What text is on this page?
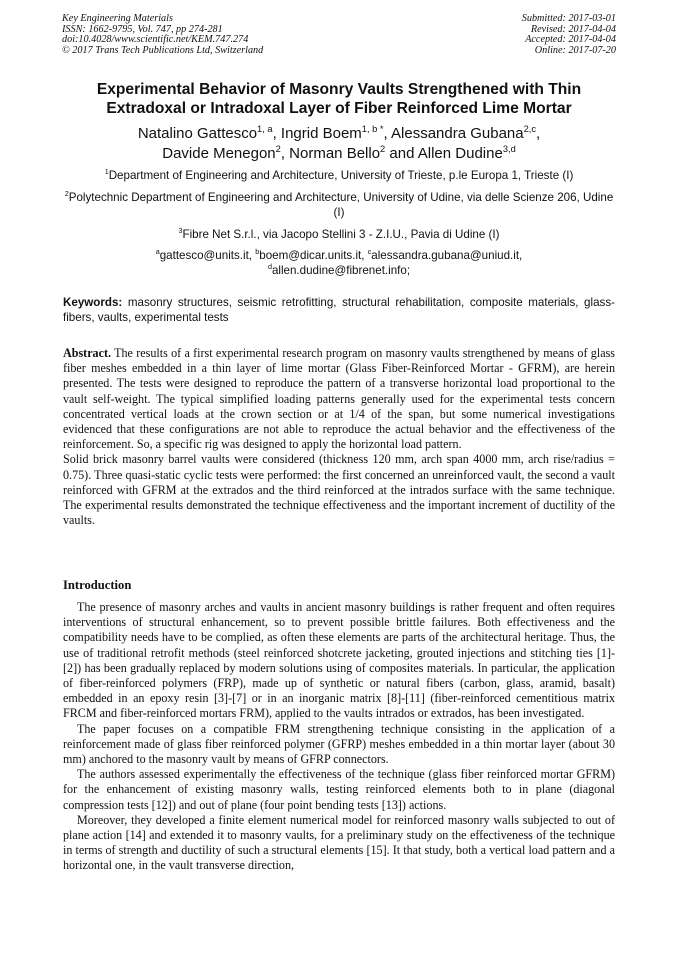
Key Engineering Materials
ISSN: 1662-9795, Vol. 747, pp 274-281
doi:10.4028/www.scientific.net/KEM.747.274
© 2017 Trans Tech Publications Ltd, Switzerland
Submitted: 2017-03-01
Revised: 2017-04-04
Accepted: 2017-04-04
Online: 2017-07-20
Experimental Behavior of Masonry Vaults Strengthened with Thin
Extradoxal or Intradoxal Layer of Fiber Reinforced Lime Mortar
Natalino Gattesco$^{1, a}$, Ingrid Boem$^{1, b *}$, Alessandra Gubana$^{2,c}$,
Davide Menegon$^2$, Norman Bello$^2$ and Allen Dudine$^{3,d}$
$^1$Department of Engineering and Architecture, University of Trieste, p.le Europa 1, Trieste (I)
$^2$Polytechnic Department of Engineering and Architecture, University of Udine, via delle Scienze 206, Udine (I)
$^3$Fibre Net S.r.l., via Jacopo Stellini 3 - Z.I.U., Pavia di Udine (I)
$^a$gattesco@units.it, $^b$boem@dicar.units.it, $^c$alessandra.gubana@uniud.it,
$^d$allen.dudine@fibrenet.info;
Keywords: masonry structures, seismic retrofitting, structural rehabilitation, composite materials, glass-fibers, vaults, experimental tests

Abstract. The results of a first experimental research program on masonry vaults strengthened by means of glass fiber meshes embedded in a thin layer of lime mortar (Glass Fiber-Reinforced Mortar - GFRM), are herein presented. The tests were designed to reproduce the pattern of a transverse horizontal load proportional to the vault self-weight. The typical simplified loading patterns generally used for the experimental tests concern concentrated vertical loads at the crown section or at 1/4 of the span, but some numerical investigations evidenced that these configurations are not able to reproduce the actual behavior and the effectiveness of the reinforcement. So, a specific rig was designed to apply the horizontal load pattern.

Solid brick masonry barrel vaults were considered (thickness 120 mm, arch span 4000 mm, arch rise/radius = 0.75). Three quasi-static cyclic tests were performed: the first concerned an unreinforced vault, the second a vault reinforced with GFRM at the extrados and the third reinforced at the intrados surface with the same technique. The experimental results demonstrated the technique effectiveness and the important increment of ductility of the vaults.

Introduction

The presence of masonry arches and vaults in ancient masonry buildings is rather frequent and often requires interventions of structural enhancement, so to prevent possible brittle failures. Both effectiveness and the compatibility needs have to be complied, as often these elements are parts of the architectural heritage. Thus, the use of traditional retrofit methods (steel reinforced shotcrete jacketing, grouted injections and stitching ties [1]-[2]) has been gradually replaced by modern solutions using of composites materials. In particular, the application of fiber-reinforced polymers (FRP), made up of synthetic or natural fibers (carbon, glass, aramid, basalt) embedded in an epoxy resin [3]-[7] or in an inorganic matrix [8]-[11] (fiber-reinforced cementitious matrix FRCM and fiber-reinforced mortars FRM), applied to the vaults intrados or extrados, has been investigated.

The paper focuses on a compatible FRM strengthening technique consisting in the application of a reinforcement made of glass fiber reinforced polymer (GFRP) meshes embedded in a thin mortar layer (about 30 mm) anchored to the masonry vault by means of GFRP connectors.

The authors assessed experimentally the effectiveness of the technique (glass fiber reinforced mortar GFRM) for the enhancement of existing masonry walls, testing reinforced elements both to in plane (diagonal compression tests [12]) and out of plane (four point bending tests [13]) actions.

Moreover, they developed a finite element numerical model for reinforced masonry walls subjected to out of plane action [14] and extended it to masonry vaults, for a preliminary study on the effectiveness of the technique in terms of strength and ductility of such a structural elements [15]. It that study, both a vertical load pattern and a horizontal one, in the vault transverse direction,
